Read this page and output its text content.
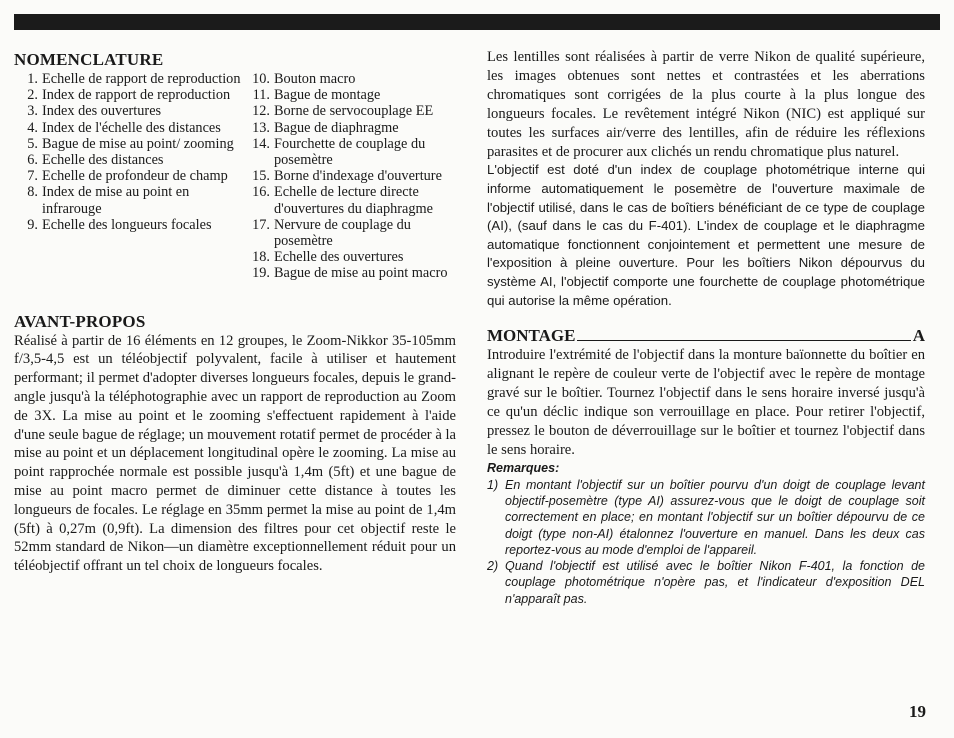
NOMENCLATURE
1. Echelle de rapport de reproduction
2. Index de rapport de reproduction
3. Index des ouvertures
4. Index de l'échelle des distances
5. Bague de mise au point/ zooming
6. Echelle des distances
7. Echelle de profondeur de champ
8. Index de mise au point en infrarouge
9. Echelle des longueurs focales
10. Bouton macro
11. Bague de montage
12. Borne de servocouplage EE
13. Bague de diaphragme
14. Fourchette de couplage du posemètre
15. Borne d'indexage d'ouverture
16. Echelle de lecture directe d'ouvertures du diaphragme
17. Nervure de couplage du posemètre
18. Echelle des ouvertures
19. Bague de mise au point macro
AVANT-PROPOS

Réalisé à partir de 16 éléments en 12 groupes, le Zoom-Nikkor 35-105mm f/3,5-4,5 est un téléobjectif polyvalent, facile à utiliser et hautement performant; il permet d'adopter diverses longueurs focales, depuis le grand-angle jusqu'à la téléphotographie avec un rapport de reproduction au Zoom de 3X. La mise au point et le zooming s'effectuent rapidement à l'aide d'une seule bague de réglage; un mouvement rotatif permet de procéder à la mise au point et un déplacement longitudinal opère le zooming. La mise au point rapprochée normale est possible jusqu'à 1,4m (5ft) et une bague de mise au point macro permet de diminuer cette distance à toutes les longueurs de focales. Le réglage en 35mm permet la mise au point de 1,4m (5ft) à 0,27m (0,9ft). La dimension des filtres pour cet objectif reste le 52mm standard de Nikon—un diamètre exceptionnellement réduit pour un téléobjectif offrant un tel choix de longueurs focales.

Les lentilles sont réalisées à partir de verre Nikon de qualité supérieure, les images obtenues sont nettes et contrastées et les aberrations chromatiques sont corrigées de la plus courte à la plus longue des longueurs focales. Le revêtement intégré Nikon (NIC) est appliqué sur toutes les surfaces air/verre des lentilles, afin de réduire les réflexions parasites et de procurer aux clichés un rendu chromatique plus naturel.

L'objectif est doté d'un index de couplage photométrique interne qui informe automatiquement le posemètre de l'ouverture maximale de l'objectif utilisé, dans le cas de boîtiers bénéficiant de ce type de couplage (AI), (sauf dans le cas du F-401). L'index de couplage et le diaphragme automatique fonctionnent conjointement et permettent une mesure de l'exposition à pleine ouverture. Pour les boîtiers Nikon dépourvus du système AI, l'objectif comporte une fourchette de couplage photométrique qui autorise la même opération.

MONTAGE	A

Introduire l'extrémité de l'objectif dans la monture baïonnette du boîtier en alignant le repère de couleur verte de l'objectif avec le repère de montage gravé sur le boîtier. Tournez l'objectif dans le sens horaire inversé jusqu'à ce qu'un déclic indique son verrouillage en place. Pour retirer l'objectif, pressez le bouton de déverrouillage sur le boîtier et tournez l'objectif dans le sens horaire.

Remarques:
1) En montant l'objectif sur un boîtier pourvu d'un doigt de couplage levant objectif-posemètre (type AI) assurez-vous que le doigt de couplage soit correctement en place; en montant l'objectif sur un boîtier dépourvu de ce doigt (type non-AI) étalonnez l'ouverture en manuel. Dans les deux cas reportez-vous au mode d'emploi de l'appareil.
2) Quand l'objectif est utilisé avec le boîtier Nikon F-401, la fonction de couplage photométrique n'opère pas, et l'indicateur d'exposition DEL n'apparaît pas.
19
